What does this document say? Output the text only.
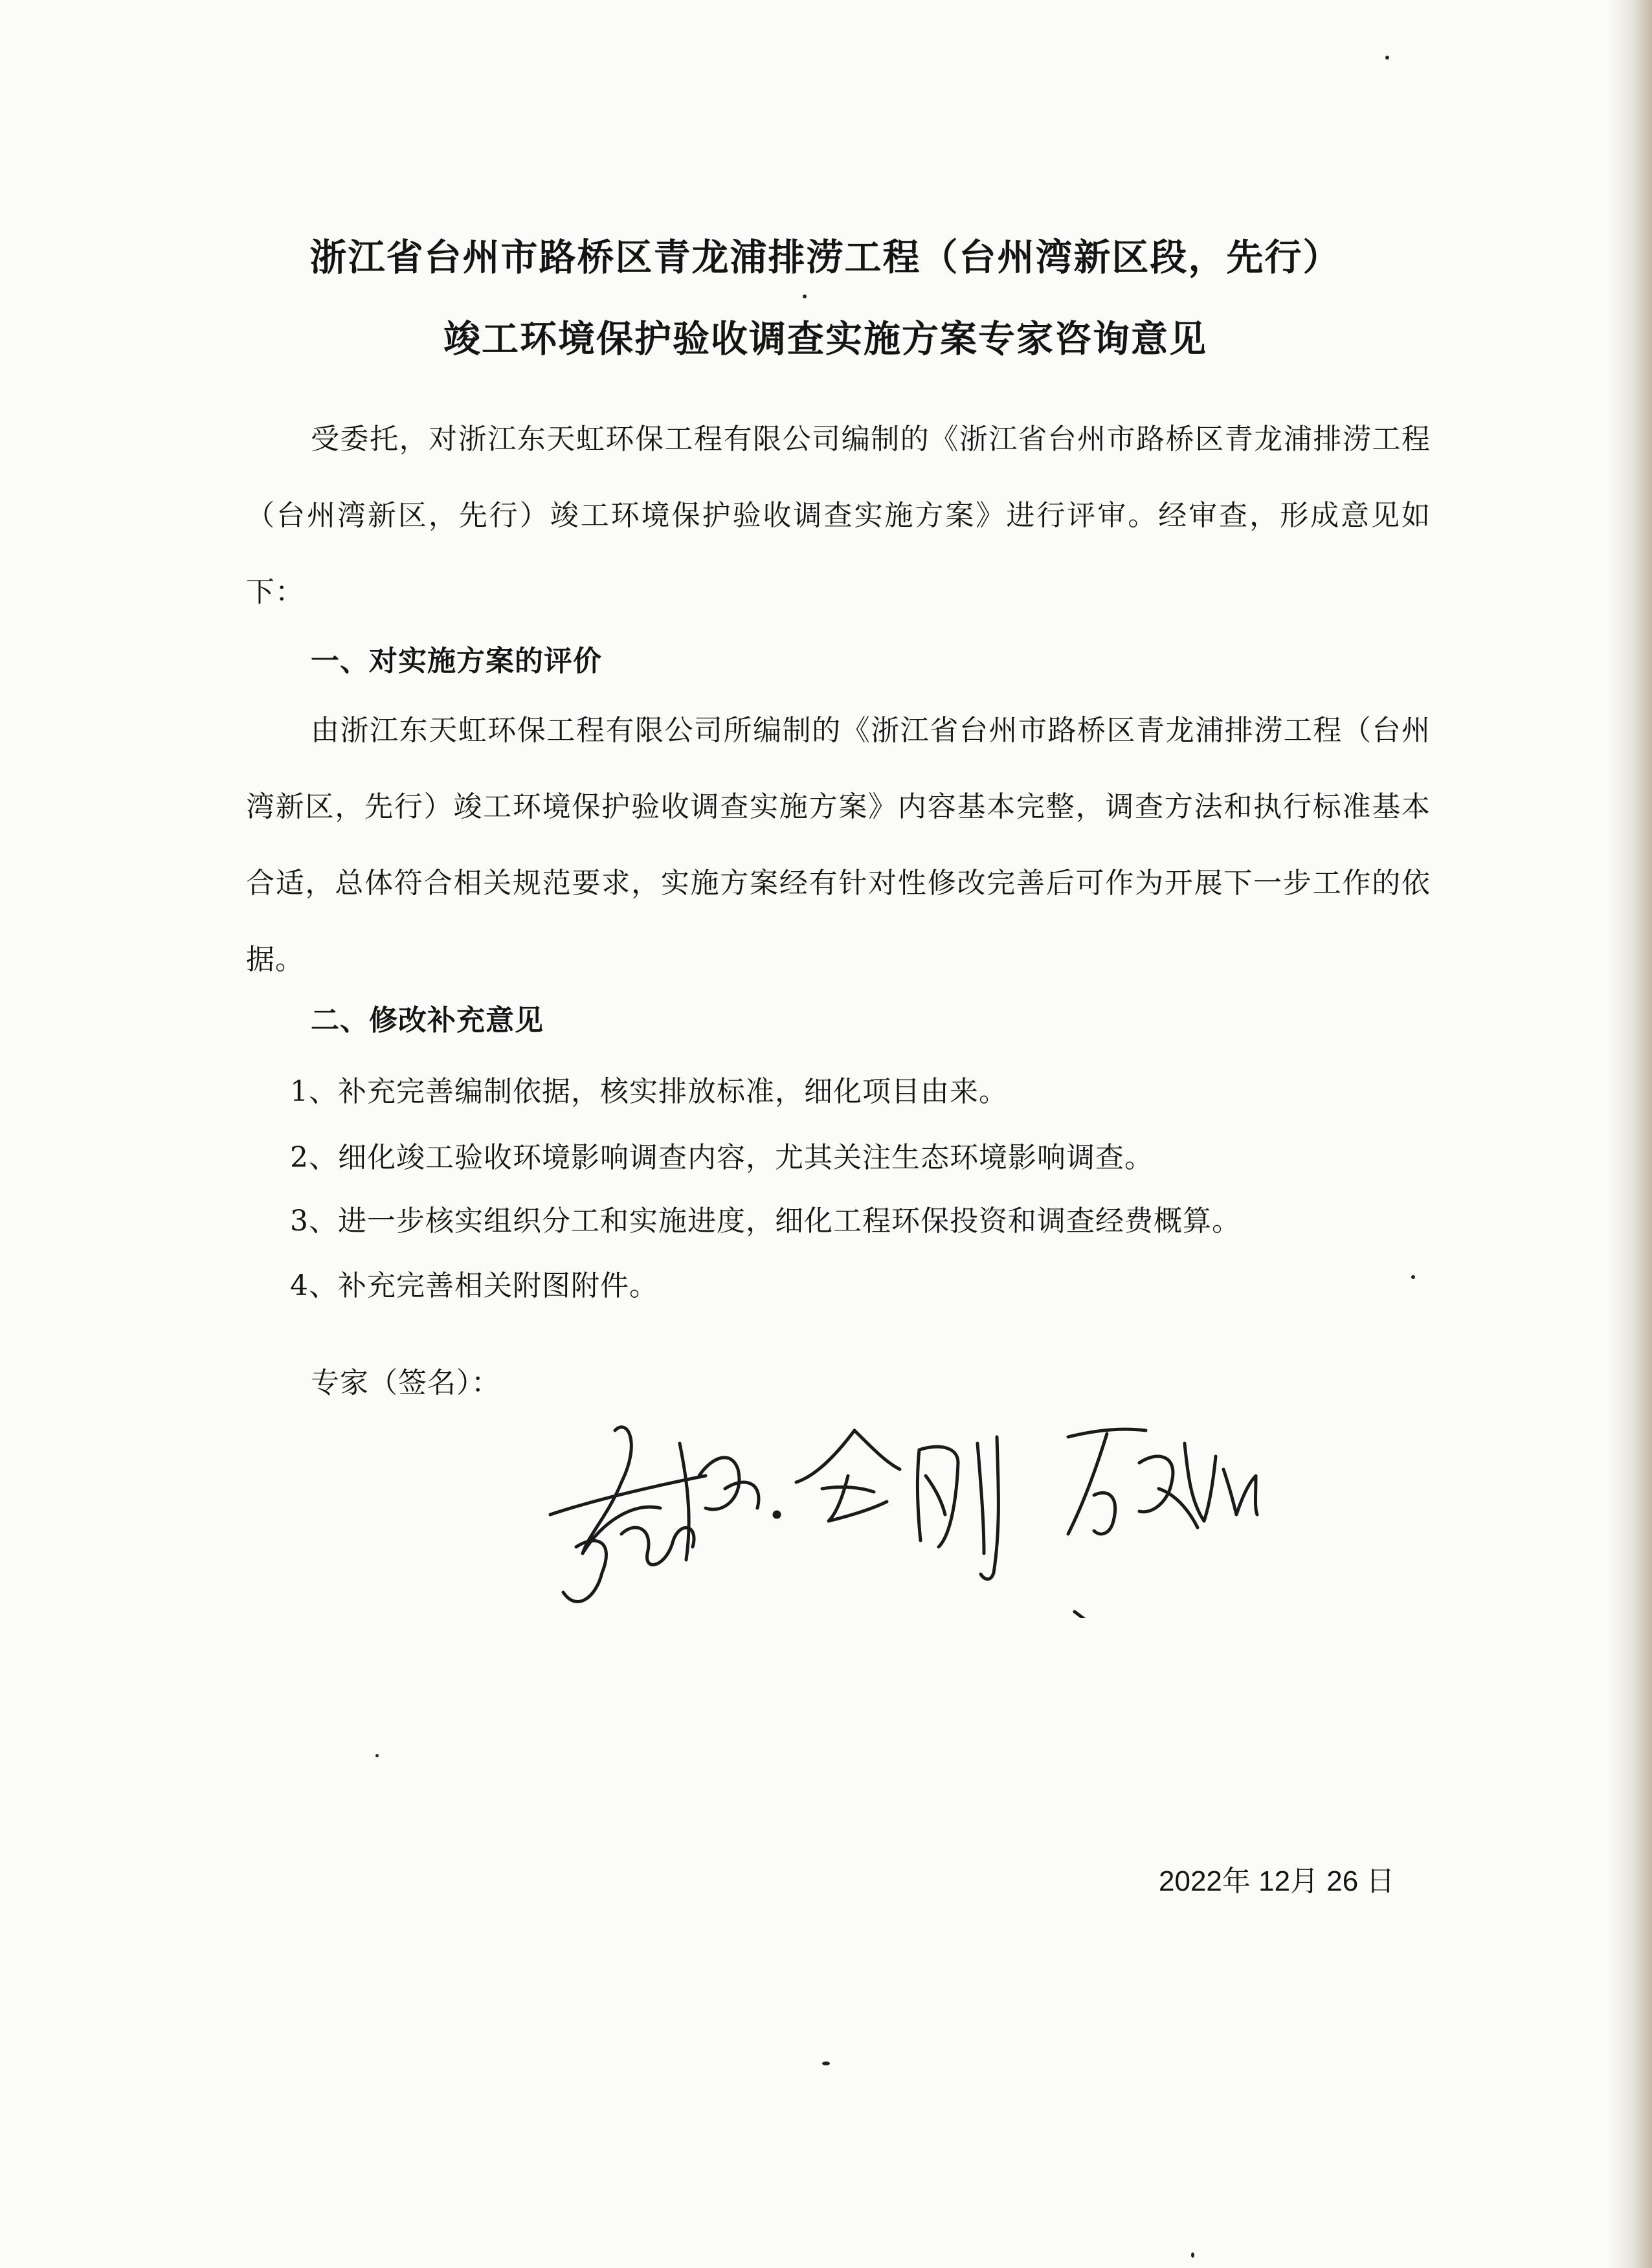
浙江省台州市路桥区青龙浦排涝工程（台州湾新区段，先行）
竣工环境保护验收调查实施方案专家咨询意见
受委托，对浙江东天虹环保工程有限公司编制的《浙江省台州市路桥区青龙浦排涝工程（台州湾新区，先行）竣工环境保护验收调查实施方案》进行评审。经审查，形成意见如下：
一、对实施方案的评价
由浙江东天虹环保工程有限公司所编制的《浙江省台州市路桥区青龙浦排涝工程（台州湾新区，先行）竣工环境保护验收调查实施方案》内容基本完整，调查方法和执行标准基本合适，总体符合相关规范要求，实施方案经有针对性修改完善后可作为开展下一步工作的依据。
二、修改补充意见
1、补充完善编制依据，核实排放标准，细化项目由来。
2、细化竣工验收环境影响调查内容，尤其关注生态环境影响调查。
3、进一步核实组织分工和实施进度，细化工程环保投资和调查经费概算。
4、补充完善相关附图附件。
专家（签名）：
2022年 12月 26 日
